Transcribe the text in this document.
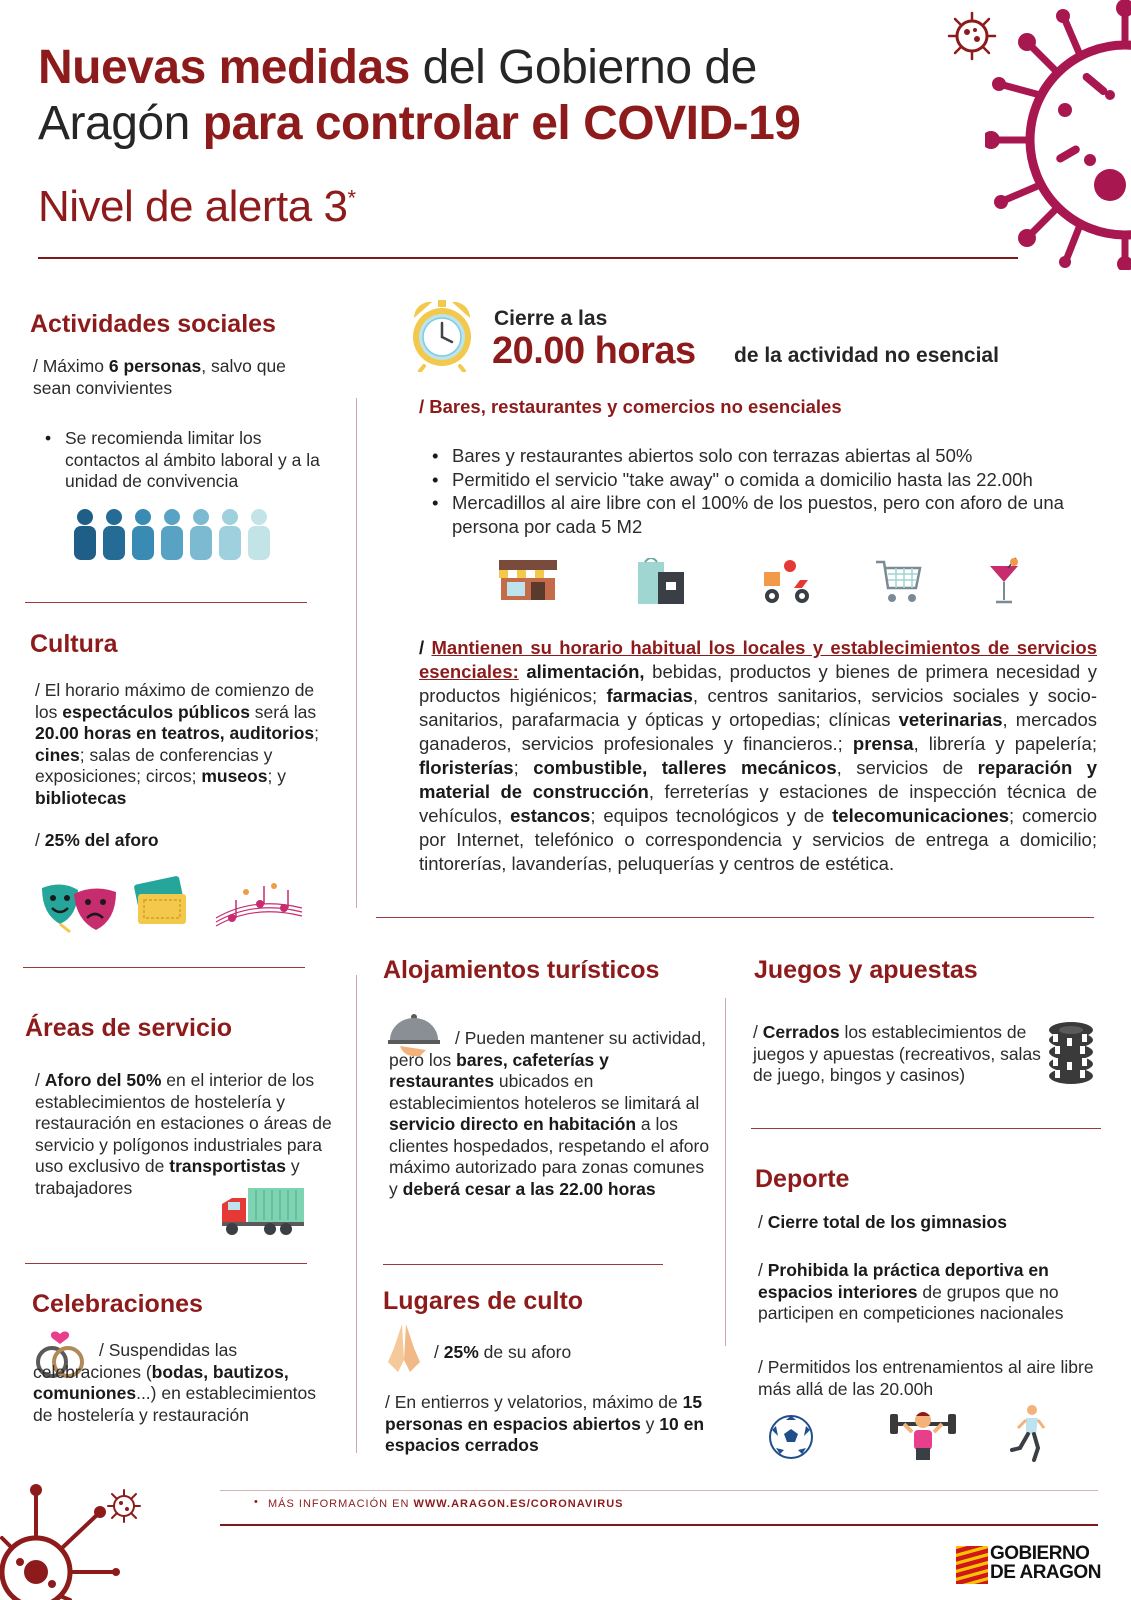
Nuevas medidas del Gobierno de
Aragón para controlar el COVID-19
Nivel de alerta 3*
Actividades sociales
/ Máximo 6 personas, salvo que sean convivientes
• Se recomienda limitar los contactos al ámbito laboral y a la unidad de convivencia
Cierre a las
20.00 horas de la actividad no esencial
/ Bares, restaurantes y comercios no esenciales
• Bares y restaurantes abiertos solo con terrazas abiertas al 50%
• Permitido el servicio "take away" o comida a domicilio hasta las 22.00h
• Mercadillos al aire libre con el 100% de los puestos, pero con aforo de una persona por cada 5 M2
/ Mantienen su horario habitual los locales y establecimientos de servicios esenciales: alimentación, bebidas, productos y bienes de primera necesidad y productos higiénicos; farmacias, centros sanitarios, servicios sociales y socio-sanitarios, parafarmacia y ópticas y ortopedias; clínicas veterinarias, mercados ganaderos, servicios profesionales y financieros.; prensa, librería y papelería; floristerías; combustible, talleres mecánicos, servicios de reparación y material de construcción, ferreterías y estaciones de inspección técnica de vehículos, estancos; equipos tecnológicos y de telecomunicaciones; comercio por Internet, telefónico o correspondencia y servicios de entrega a domicilio; tintorerías, lavanderías, peluquerías y centros de estética.
Cultura
/ El horario máximo de comienzo de los espectáculos públicos será las 20.00 horas en teatros, auditorios; cines; salas de conferencias y exposiciones; circos; museos; y bibliotecas
/ 25% del aforo
Áreas de servicio
/ Aforo del 50% en el interior de los establecimientos de hostelería y restauración en estaciones o áreas de servicio y polígonos industriales para uso exclusivo de transportistas y trabajadores
Celebraciones
/ Suspendidas las celebraciones (bodas, bautizos, comuniones...) en establecimientos de hostelería y restauración
Alojamientos turísticos
/ Pueden mantener su actividad, pero los bares, cafeterías y restaurantes ubicados en establecimientos hoteleros se limitará al servicio directo en habitación a los clientes hospedados, respetando el aforo máximo autorizado para zonas comunes y deberá cesar a las 22.00 horas
Lugares de culto
/ 25% de su aforo
/ En entierros y velatorios, máximo de 15 personas en espacios abiertos y 10 en espacios cerrados
Juegos y apuestas
/ Cerrados los establecimientos de juegos y apuestas (recreativos, salas de juego, bingos y casinos)
Deporte
/ Cierre total de los gimnasios
/ Prohibida la práctica deportiva en espacios interiores de grupos que no participen en competiciones nacionales
/ Permitidos los entrenamientos al aire libre más allá de las 20.00h
• MÁS INFORMACIÓN EN WWW.ARAGON.ES/CORONAVIRUS
GOBIERNO
DE ARAGON
